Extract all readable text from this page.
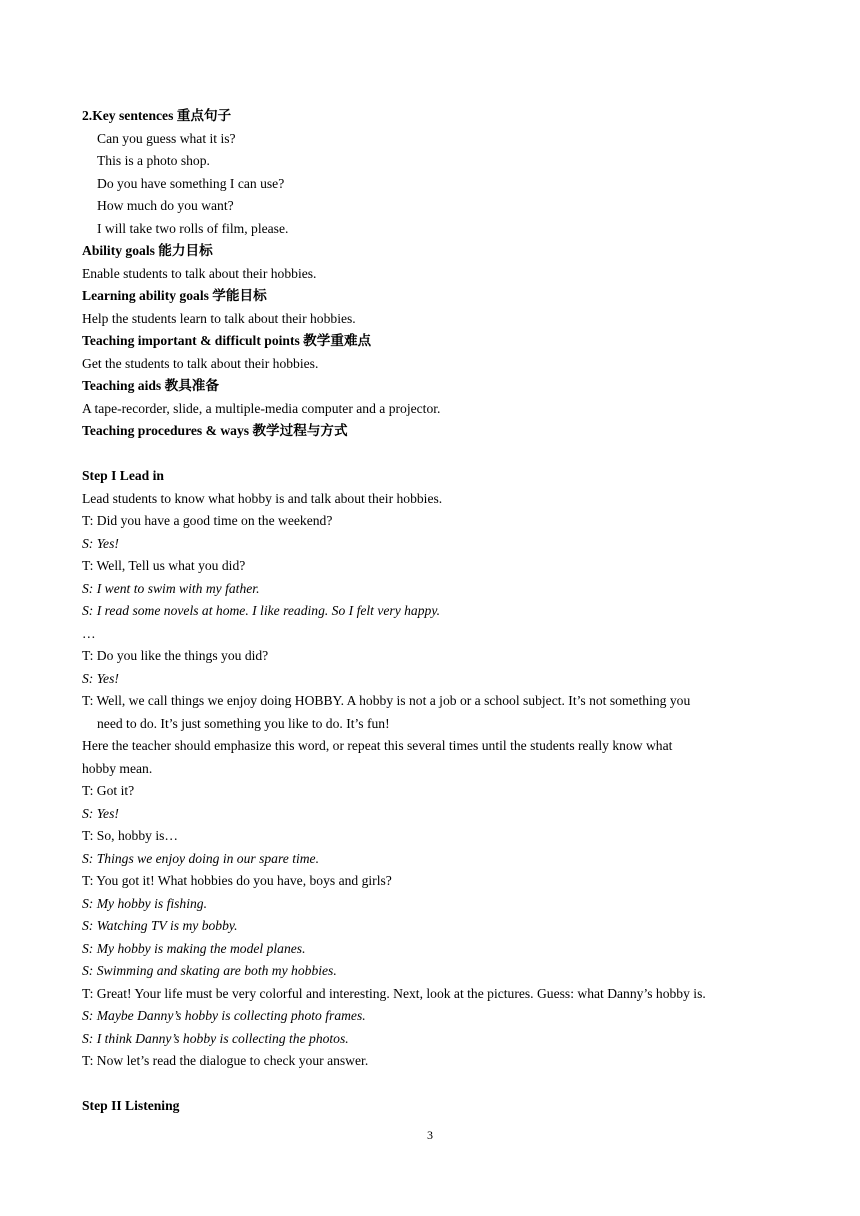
2.Key sentences 重点句子
Can you guess what it is?
This is a photo shop.
Do you have something I can use?
How much do you want?
I will take two rolls of film, please.
Ability goals 能力目标
Enable students to talk about their hobbies.
Learning ability goals 学能目标
Help the students learn to talk about their hobbies.
Teaching important & difficult points 教学重难点
Get the students to talk about their hobbies.
Teaching aids 教具准备
A tape-recorder, slide, a multiple-media computer and a projector.
Teaching procedures & ways 教学过程与方式
Step I Lead in
Lead students to know what hobby is and talk about their hobbies.
T: Did you have a good time on the weekend?
S: Yes!
T: Well, Tell us what you did?
S: I went to swim with my father.
S: I read some novels at home. I like reading. So I felt very happy.
…
T: Do you like the things you did?
S: Yes!
T: Well, we call things we enjoy doing HOBBY. A hobby is not a job or a school subject. It’s not something you
need to do. It’s just something you like to do. It’s fun!
Here the teacher should emphasize this word, or repeat this several times until the students really know what
hobby mean.
T: Got it?
S: Yes!
T: So, hobby is…
S: Things we enjoy doing in our spare time.
T: You got it! What hobbies do you have, boys and girls?
S: My hobby is fishing.
S: Watching TV is my bobby.
S: My hobby is making the model planes.
S: Swimming and skating are both my hobbies.
T: Great! Your life must be very colorful and interesting. Next, look at the pictures. Guess: what Danny’s hobby is.
S: Maybe Danny’s hobby is collecting photo frames.
S: I think Danny’s hobby is collecting the photos.
T: Now let’s read the dialogue to check your answer.
Step II Listening
3
